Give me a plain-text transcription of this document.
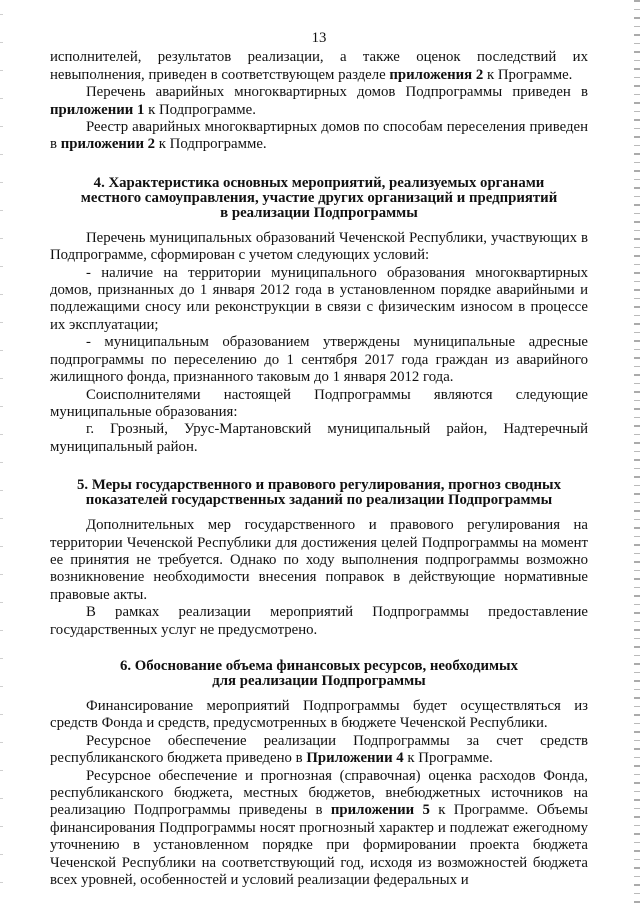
13

исполнителей, результатов реализации, а также оценок последствий их невыполнения, приведен в соответствующем разделе приложения 2 к Программе.

Перечень аварийных многоквартирных домов Подпрограммы приведен в приложении 1 к Подпрограмме.

Реестр аварийных многоквартирных домов по способам переселения приведен в приложении 2 к Подпрограмме.

4. Характеристика основных мероприятий, реализуемых органами
местного самоуправления, участие других организаций и предприятий
в реализации Подпрограммы

Перечень муниципальных образований Чеченской Республики, участвующих в Подпрограмме, сформирован с учетом следующих условий:

- наличие на территории муниципального образования многоквартирных домов, признанных до 1 января 2012 года в установленном порядке аварийными и подлежащими сносу или реконструкции в связи с физическим износом в процессе их эксплуатации;

- муниципальным образованием утверждены муниципальные адресные подпрограммы по переселению до 1 сентября 2017 года граждан из аварийного жилищного фонда, признанного таковым до 1 января 2012 года.

Соисполнителями настоящей Подпрограммы являются следующие муниципальные образования:

г. Грозный, Урус-Мартановский муниципальный район, Надтеречный муниципальный район.

5. Меры государственного и правового регулирования, прогноз сводных
показателей государственных заданий по реализации Подпрограммы

Дополнительных мер государственного и правового регулирования на территории Чеченской Республики для достижения целей Подпрограммы на момент ее принятия не требуется. Однако по ходу выполнения подпрограммы возможно возникновение необходимости внесения поправок в действующие нормативные правовые акты.

В рамках реализации мероприятий Подпрограммы предоставление государственных услуг не предусмотрено.

6. Обоснование объема финансовых ресурсов, необходимых
для реализации Подпрограммы

Финансирование мероприятий Подпрограммы будет осуществляться из средств Фонда и средств, предусмотренных в бюджете Чеченской Республики.

Ресурсное обеспечение реализации Подпрограммы за счет средств республиканского бюджета приведено в Приложении 4 к Программе.

Ресурсное обеспечение и прогнозная (справочная) оценка расходов Фонда, республиканского бюджета, местных бюджетов, внебюджетных источников на реализацию Подпрограммы приведены в приложении 5 к Программе. Объемы финансирования Подпрограммы носят прогнозный характер и подлежат ежегодному уточнению в установленном порядке при формировании проекта бюджета Чеченской Республики на соответствующий год, исходя из возможностей бюджета всех уровней, особенностей и условий реализации федеральных и
